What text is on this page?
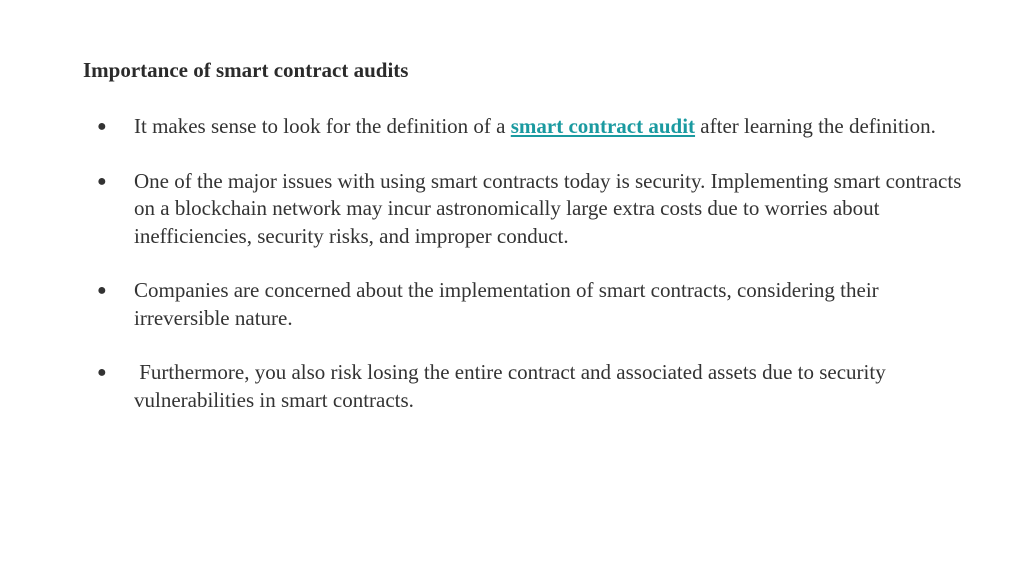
Importance of smart contract audits
● It makes sense to look for the definition of a smart contract audit after learning the definition.
● One of the major issues with using smart contracts today is security. Implementing smart contracts on a blockchain network may incur astronomically large extra costs due to worries about inefficiencies, security risks, and improper conduct.
● Companies are concerned about the implementation of smart contracts, considering their irreversible nature.
● Furthermore, you also risk losing the entire contract and associated assets due to security vulnerabilities in smart contracts.
